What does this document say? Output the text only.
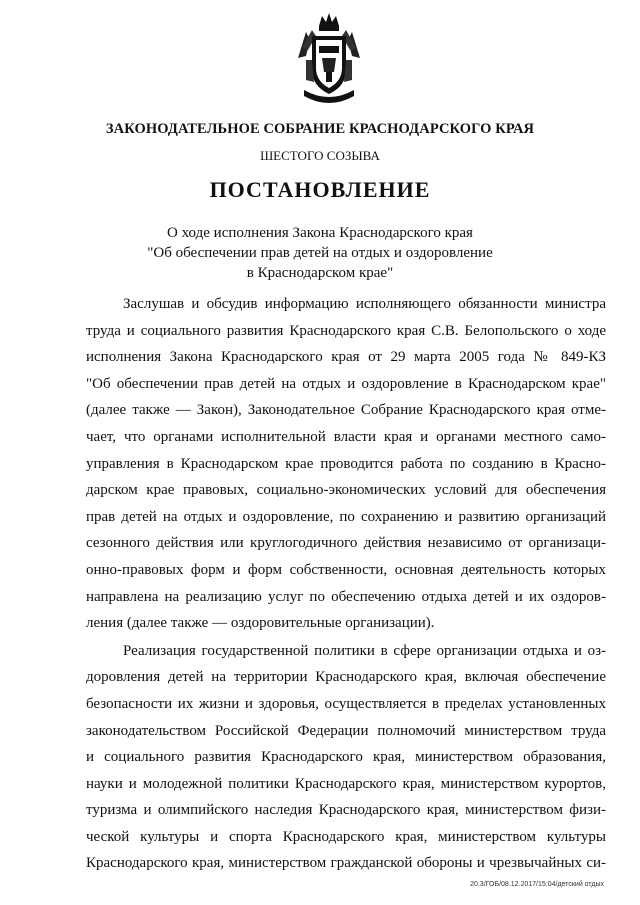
ЗАКОНОДАТЕЛЬНОЕ СОБРАНИЕ КРАСНОДАРСКОГО КРАЯ
ШЕСТОГО СОЗЫВА
ПОСТАНОВЛЕНИЕ
О ходе исполнения Закона Краснодарского края
"Об обеспечении прав детей на отдых и оздоровление
в Краснодарском крае"
Заслушав и обсудив информацию исполняющего обязанности министра
труда и социального развития Краснодарского края С.В. Белопольского о ходе
исполнения Закона Краснодарского края от 29 марта 2005 года № 849-КЗ
"Об обеспечении прав детей на отдых и оздоровление в Краснодарском крае"
(далее также — Закон), Законодательное Собрание Краснодарского края отме-
чает, что органами исполнительной власти края и органами местного само-
управления в Краснодарском крае проводится работа по созданию в Красно-
дарском крае правовых, социально-экономических условий для обеспечения
прав детей на отдых и оздоровление, по сохранению и развитию организаций
сезонного действия или круглогодичного действия независимо от организаци-
онно-правовых форм и форм собственности, основная деятельность которых
направлена на реализацию услуг по обеспечению отдыха детей и их оздоров-
ления (далее также — оздоровительные организации).
Реализация государственной политики в сфере организации отдыха и оз-
доровления детей на территории Краснодарского края, включая обеспечение
безопасности их жизни и здоровья, осуществляется в пределах установленных
законодательством Российской Федерации полномочий министерством труда
и социального развития Краснодарского края, министерством образования,
науки и молодежной политики Краснодарского края, министерством курортов,
туризма и олимпийского наследия Краснодарского края, министерством физи-
ческой культуры и спорта Краснодарского края, министерством культуры
Краснодарского края, министерством гражданской обороны и чрезвычайных си-
20.3/ГОБ/08.12.2017/15:04/детский отдых
